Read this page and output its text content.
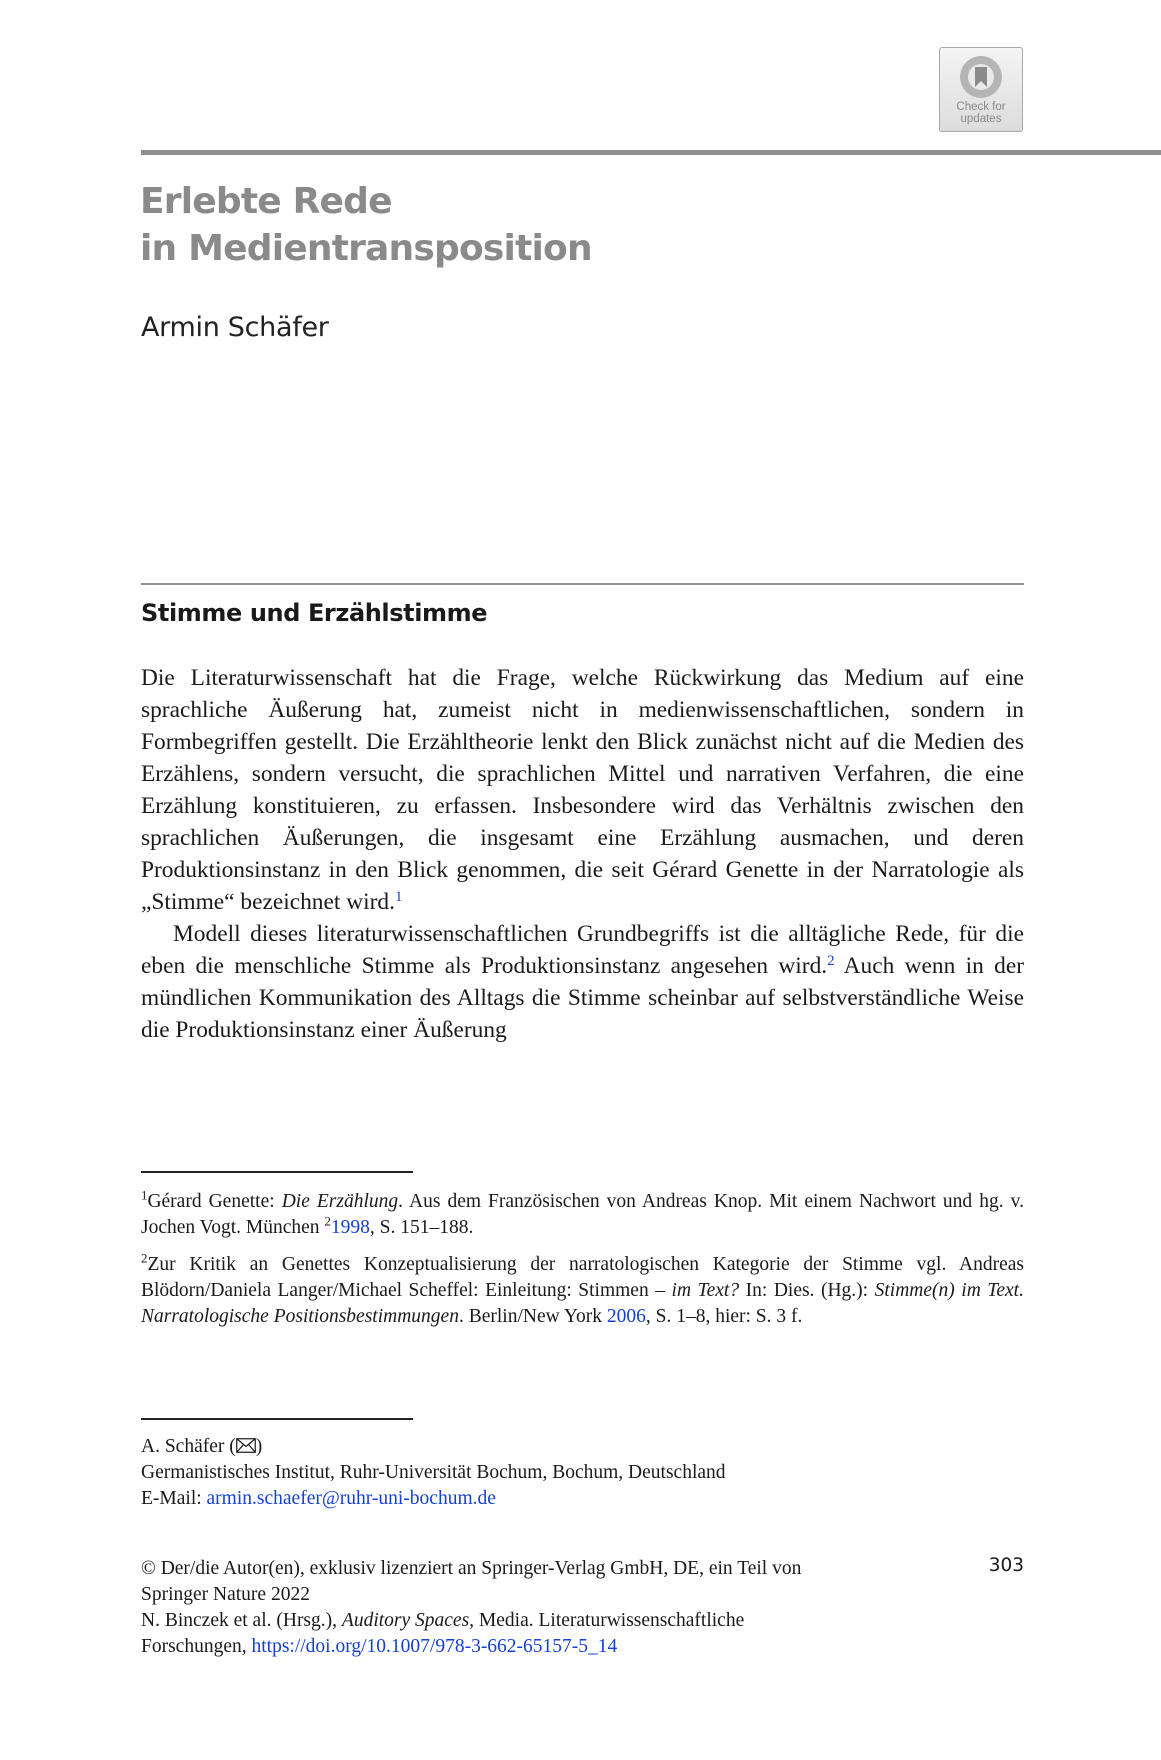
Check for
updates
Erlebte Rede
in Medientransposition
Armin Schäfer
Stimme und Erzählstimme

Die Literaturwissenschaft hat die Frage, welche Rückwirkung das Medium auf eine sprachliche Äußerung hat, zumeist nicht in medienwissenschaftlichen, sondern in Formbegriffen gestellt. Die Erzähltheorie lenkt den Blick zunächst nicht auf die Medien des Erzählens, sondern versucht, die sprachlichen Mittel und narrativen Verfahren, die eine Erzählung konstituieren, zu erfassen. Insbesondere wird das Verhältnis zwischen den sprachlichen Äußerungen, die insgesamt eine Erzählung ausmachen, und deren Produktionsinstanz in den Blick genommen, die seit Gérard Genette in der Narratologie als „Stimme“ bezeichnet wird.$^1$

Modell dieses literaturwissenschaftlichen Grundbegriffs ist die alltägliche Rede, für die eben die menschliche Stimme als Produktionsinstanz angesehen wird.$^2$ Auch wenn in der mündlichen Kommunikation des Alltags die Stimme scheinbar auf selbstverständliche Weise die Produktionsinstanz einer Äußerung

$^1$Gérard Genette: Die Erzählung. Aus dem Französischen von Andreas Knop. Mit einem Nachwort und hg. v. Jochen Vogt. München $^2$1998, S. 151–188.

$^2$Zur Kritik an Genettes Konzeptualisierung der narratologischen Kategorie der Stimme vgl. Andreas Blödorn/Daniela Langer/Michael Scheffel: Einleitung: Stimmen – im Text? In: Dies. (Hg.): Stimme(n) im Text. Narratologische Positionsbestimmungen. Berlin/New York 2006, S. 1–8, hier: S. 3 f.

A. Schäfer ( )
Germanistisches Institut, Ruhr-Universität Bochum, Bochum, Deutschland
E-Mail: armin.schaefer@ruhr-uni-bochum.de
© Der/die Autor(en), exklusiv lizenziert an Springer-Verlag GmbH, DE, ein Teil von
Springer Nature 2022
N. Binczek et al. (Hrsg.), Auditory Spaces, Media. Literaturwissenschaftliche
Forschungen, https://doi.org/10.1007/978-3-662-65157-5_14
303
